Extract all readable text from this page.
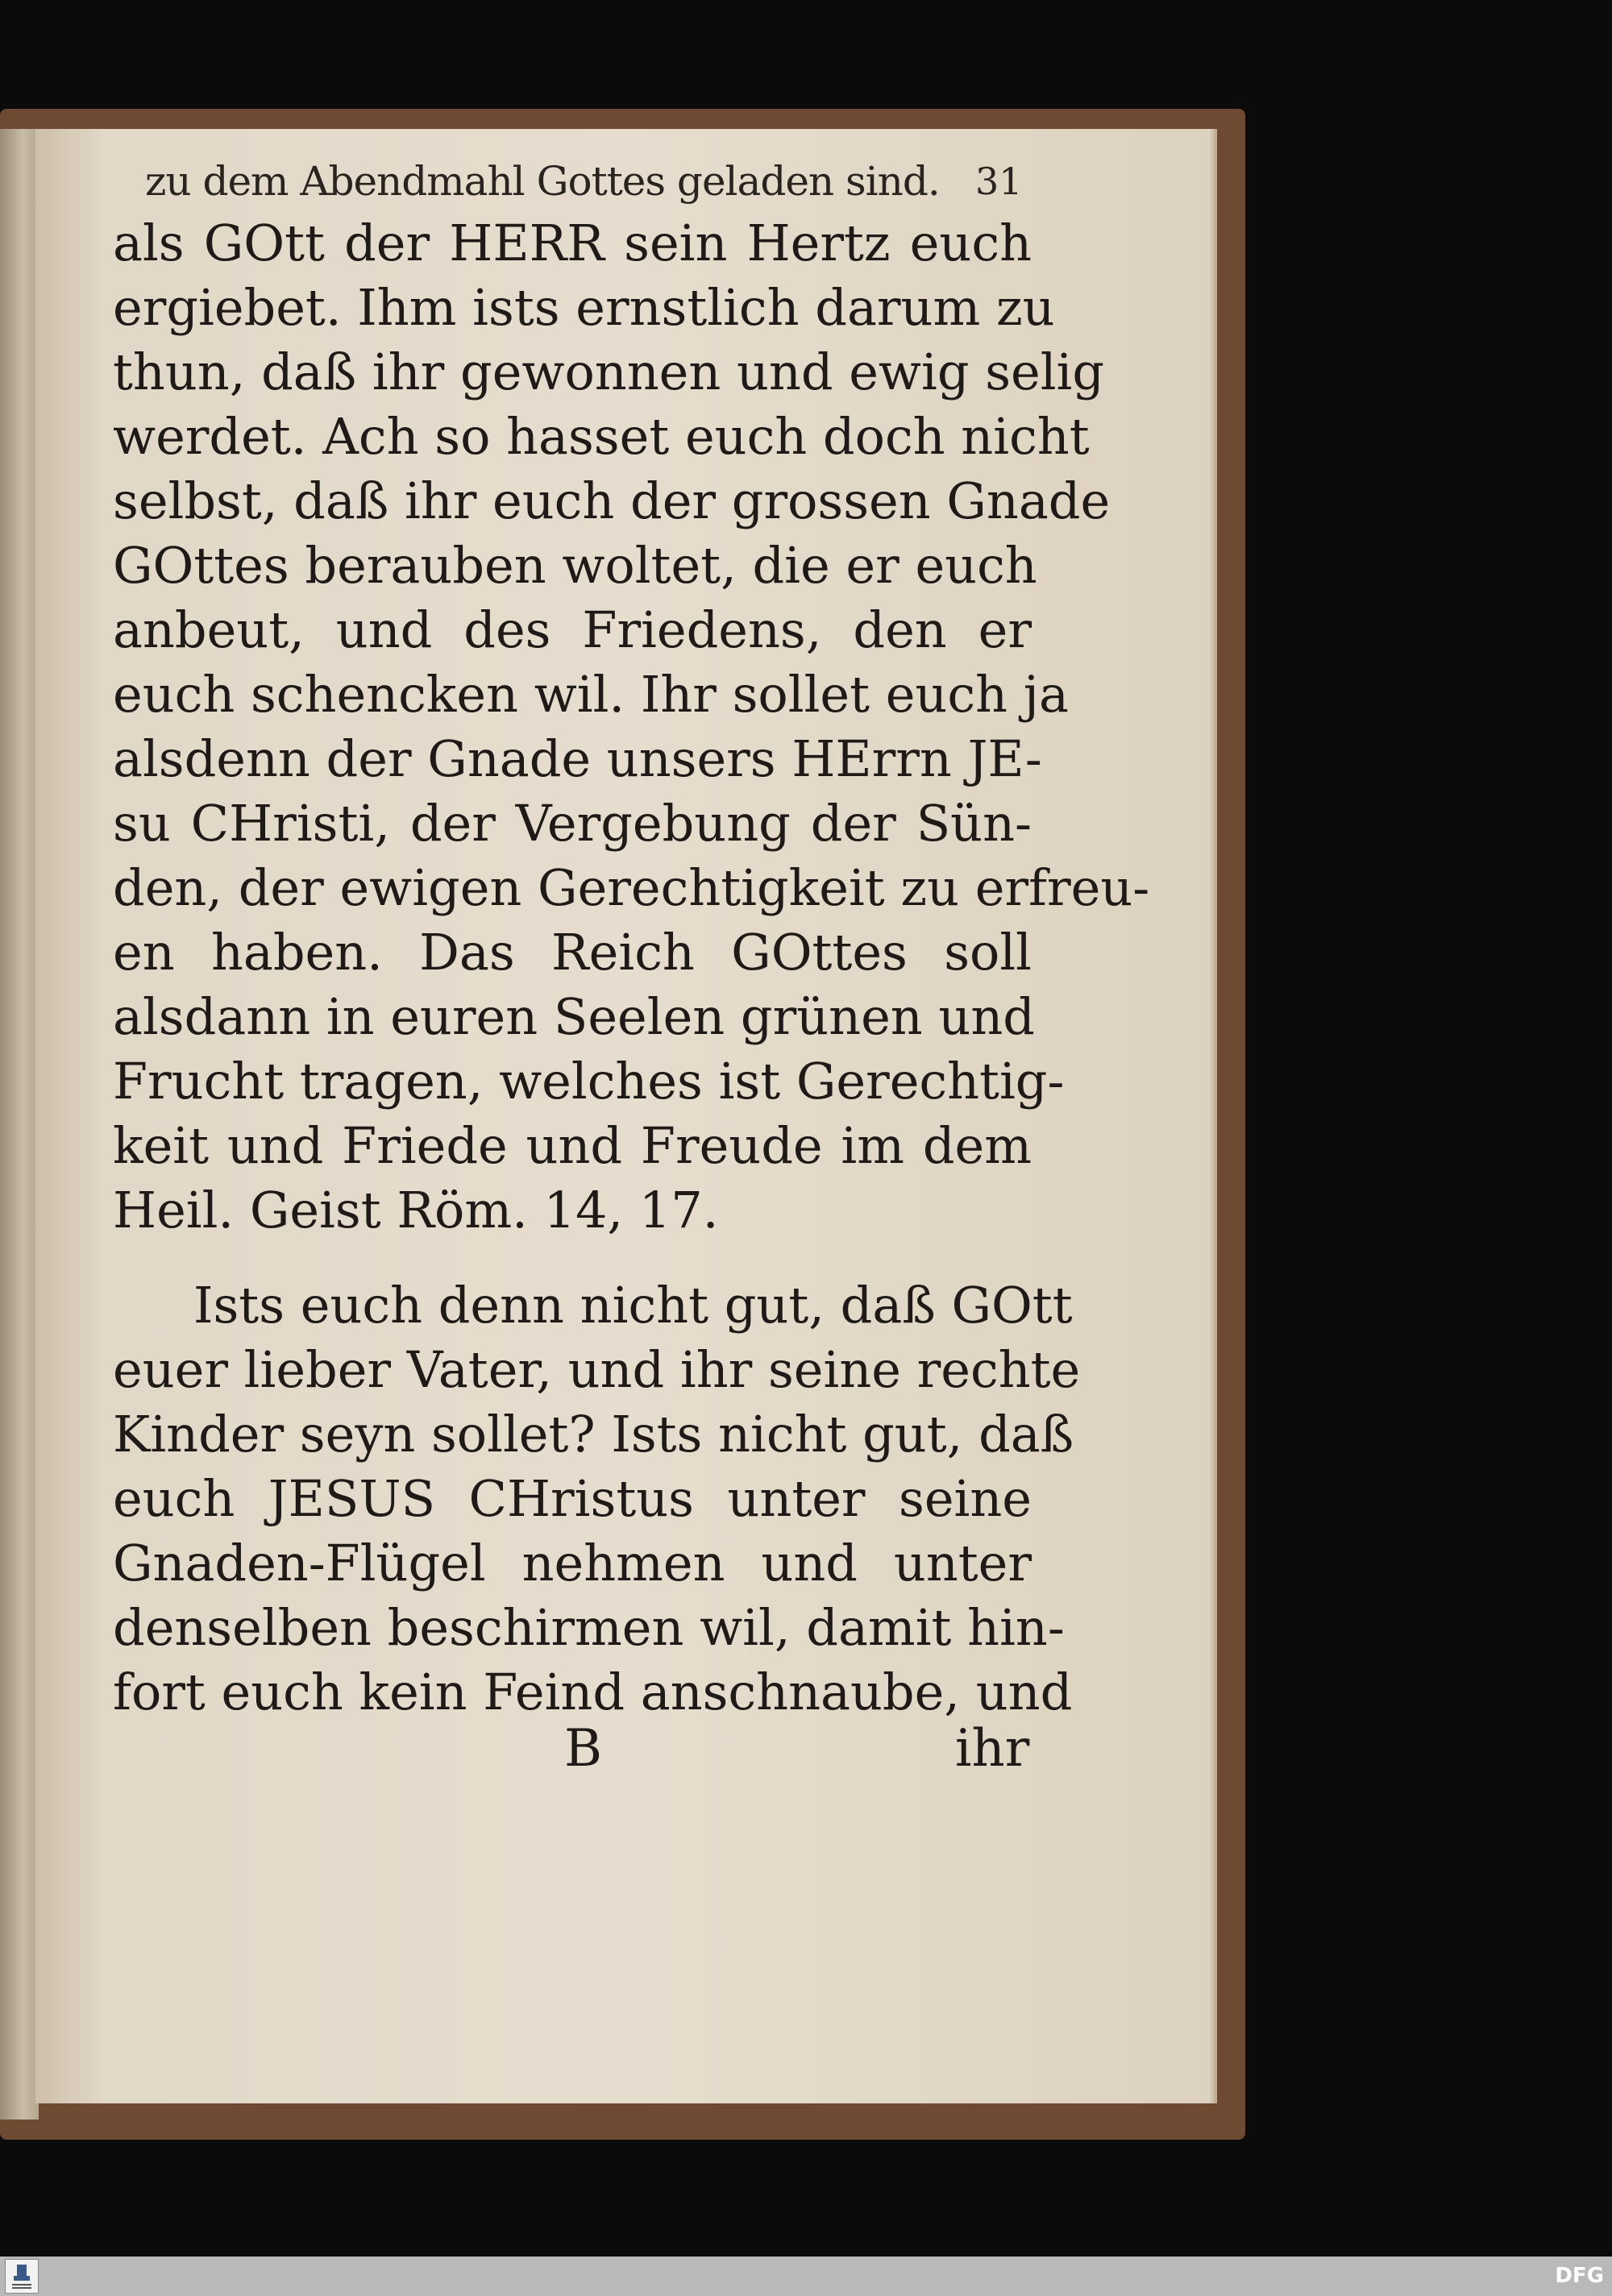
zu dem Abendmahl Gottes geladen sind. 31
als GOtt der HERR sein Hertz euch
ergiebet. Ihm ists ernstlich darum zu
thun, daß ihr gewonnen und ewig selig
werdet. Ach so hasset euch doch nicht
selbst, daß ihr euch der grossen Gnade
GOttes berauben woltet, die er euch
anbeut, und des Friedens, den er
euch schencken wil. Ihr sollet euch ja
alsdenn der Gnade unsers HErrn JE-
su CHristi, der Vergebung der Sün-
den, der ewigen Gerechtigkeit zu erfreu-
en haben. Das Reich GOttes soll
alsdann in euren Seelen grünen und
Frucht tragen, welches ist Gerechtig-
keit und Friede und Freude im dem
Heil. Geist Röm. 14, 17.
Ists euch denn nicht gut, daß GOtt
euer lieber Vater, und ihr seine rechte
Kinder seyn sollet? Ists nicht gut, daß
euch JESUS CHristus unter seine
Gnaden-Flügel nehmen und unter
denselben beschirmen wil, damit hin-
fort euch kein Feind anschnaube, und
B	ihr
DFG
